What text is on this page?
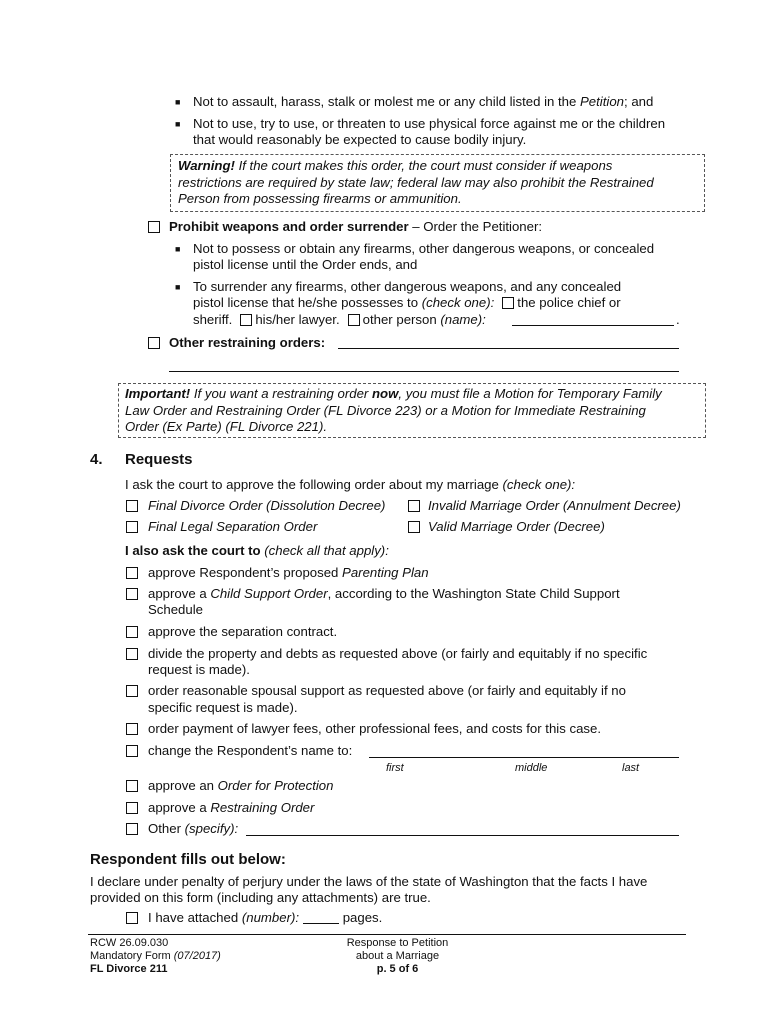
■ Not to assault, harass, stalk or molest me or any child listed in the Petition; and
■ Not to use, try to use, or threaten to use physical force against me or the children
that would reasonably be expected to cause bodily injury.
Warning! If the court makes this order, the court must consider if weapons
restrictions are required by state law; federal law may also prohibit the Restrained
Person from possessing firearms or ammunition.
Prohibit weapons and order surrender – Order the Petitioner:
■ Not to possess or obtain any firearms, other dangerous weapons, or concealed
pistol license until the Order ends, and
■ To surrender any firearms, other dangerous weapons, and any concealed
pistol license that he/she possesses to (check one): the police chief or
sheriff. his/her lawyer. other person (name):	.
Other restraining orders:
Important! If you want a restraining order now, you must file a Motion for Temporary Family
Law Order and Restraining Order (FL Divorce 223) or a Motion for Immediate Restraining
Order (Ex Parte) (FL Divorce 221).
4. Requests
I ask the court to approve the following order about my marriage (check one):
Final Divorce Order (Dissolution Decree)	Invalid Marriage Order (Annulment Decree)
Final Legal Separation Order	Valid Marriage Order (Decree)
I also ask the court to (check all that apply):
approve Respondent’s proposed Parenting Plan
approve a Child Support Order, according to the Washington State Child Support
Schedule
approve the separation contract.
divide the property and debts as requested above (or fairly and equitably if no specific
request is made).
order reasonable spousal support as requested above (or fairly and equitably if no
specific request is made).
order payment of lawyer fees, other professional fees, and costs for this case.
change the Respondent’s name to:
first	middle	last
approve an Order for Protection
approve a Restraining Order
Other (specify):
Respondent fills out below:
I declare under penalty of perjury under the laws of the state of Washington that the facts I have
provided on this form (including any attachments) are true.
I have attached (number):	pages.
RCW 26.09.030
Mandatory Form (07/2017)
FL Divorce 211
Response to Petition
about a Marriage
p. 5 of 6
